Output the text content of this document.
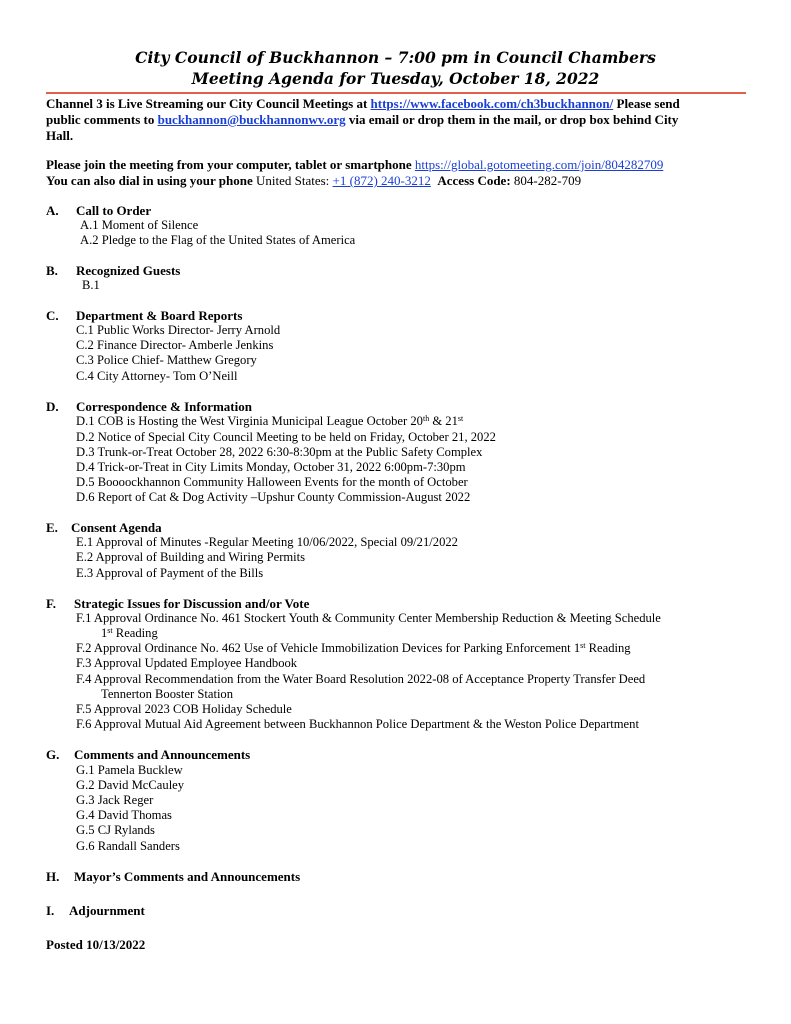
City Council of Buckhannon – 7:00 pm in Council Chambers
Meeting Agenda for Tuesday, October 18, 2022
Channel 3 is Live Streaming our City Council Meetings at https://www.facebook.com/ch3buckhannon/ Please send
public comments to buckhannon@buckhannonwv.org via email or drop them in the mail, or drop box behind City
Hall.
Please join the meeting from your computer, tablet or smartphone https://global.gotomeeting.com/join/804282709
You can also dial in using your phone United States: +1 (872) 240-3212 Access Code: 804-282-709
A. Call to Order
A.1 Moment of Silence
A.2 Pledge to the Flag of the United States of America
B. Recognized Guests
B.1
C. Department & Board Reports
C.1 Public Works Director- Jerry Arnold
C.2 Finance Director- Amberle Jenkins
C.3 Police Chief- Matthew Gregory
C.4 City Attorney- Tom O’Neill
D. Correspondence & Information
D.1 COB is Hosting the West Virginia Municipal League October 20th & 21st
D.2 Notice of Special City Council Meeting to be held on Friday, October 21, 2022
D.3 Trunk-or-Treat October 28, 2022 6:30-8:30pm at the Public Safety Complex
D.4 Trick-or-Treat in City Limits Monday, October 31, 2022 6:00pm-7:30pm
D.5 Boooockhannon Community Halloween Events for the month of October
D.6 Report of Cat & Dog Activity –Upshur County Commission-August 2022
E. Consent Agenda
E.1 Approval of Minutes -Regular Meeting 10/06/2022, Special 09/21/2022
E.2 Approval of Building and Wiring Permits
E.3 Approval of Payment of the Bills
F. Strategic Issues for Discussion and/or Vote
F.1 Approval Ordinance No. 461 Stockert Youth & Community Center Membership Reduction & Meeting Schedule
1st Reading
F.2 Approval Ordinance No. 462 Use of Vehicle Immobilization Devices for Parking Enforcement 1st Reading
F.3 Approval Updated Employee Handbook
F.4 Approval Recommendation from the Water Board Resolution 2022-08 of Acceptance Property Transfer Deed
Tennerton Booster Station
F.5 Approval 2023 COB Holiday Schedule
F.6 Approval Mutual Aid Agreement between Buckhannon Police Department & the Weston Police Department
G. Comments and Announcements
G.1 Pamela Bucklew
G.2 David McCauley
G.3 Jack Reger
G.4 David Thomas
G.5 CJ Rylands
G.6 Randall Sanders
H. Mayor’s Comments and Announcements
I. Adjournment
Posted 10/13/2022
